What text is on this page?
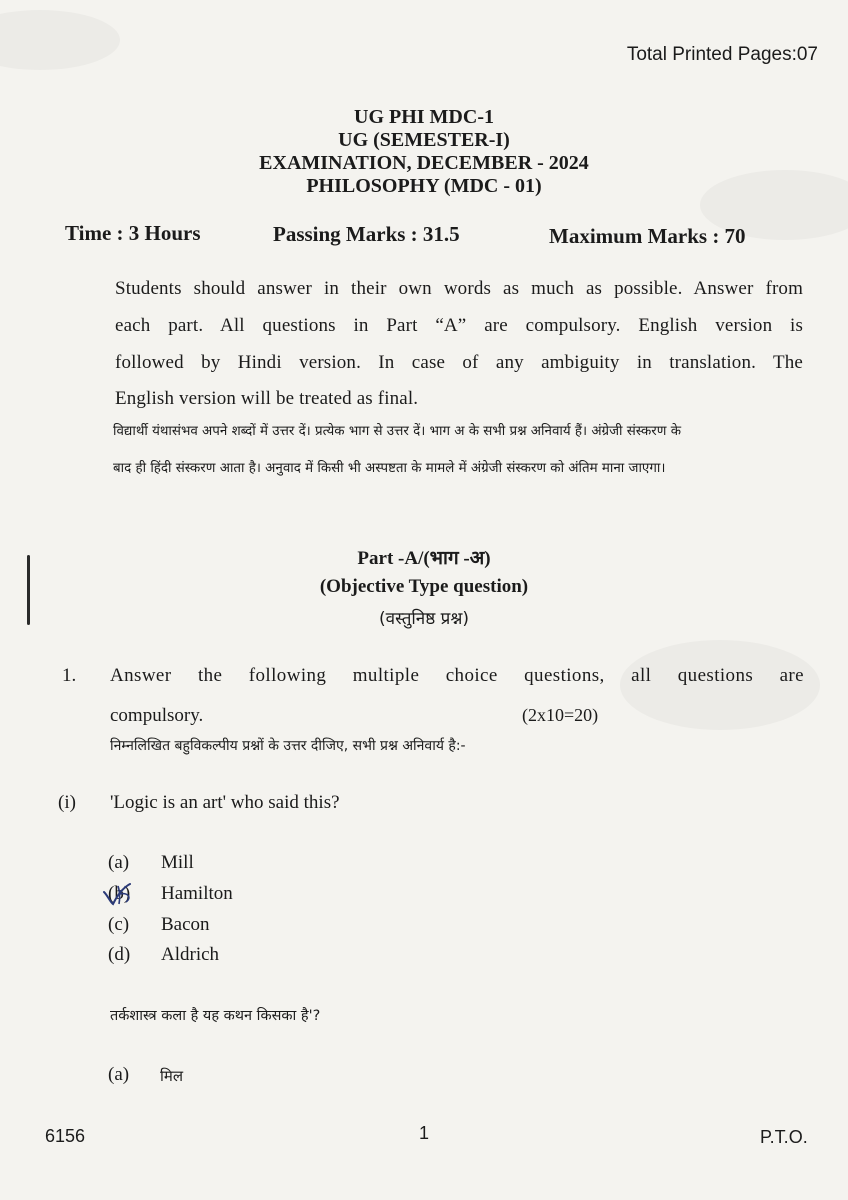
Total Printed Pages:07
UG PHI MDC-1
UG (SEMESTER-I)
EXAMINATION, DECEMBER - 2024
PHILOSOPHY (MDC - 01)
Time : 3 Hours	Passing Marks : 31.5	Maximum Marks : 70
Students should answer in their own words as much as possible. Answer from
each part. All questions in Part “A” are compulsory. English version is
followed by Hindi version. In case of any ambiguity in translation. The
English version will be treated as final.
विद्यार्थी यंथासंभव अपने शब्दों में उत्तर दें। प्रत्येक भाग से उत्तर दें। भाग अ के सभी प्रश्न अनिवार्य हैं। अंग्रेजी संस्करण के
बाद ही हिंदी संस्करण आता है। अनुवाद में किसी भी अस्पष्टता के मामले में अंग्रेजी संस्करण को अंतिम माना जाएगा।
Part -A/(भाग -अ)
(Objective Type question)
(वस्तुनिष्ठ प्रश्न)
1. Answer the following multiple choice questions, all questions are
compulsory.	(2x10=20)
निम्नलिखित बहुविकल्पीय प्रश्नों के उत्तर दीजिए, सभी प्रश्न अनिवार्य है:-
(i) 'Logic is an art' who said this?
(a) Mill
(b) Hamilton
(c) Bacon
(d) Aldrich
तर्कशास्त्र कला है यह कथन किसका है'?
(a) मिल
6156	1	P.T.O.
